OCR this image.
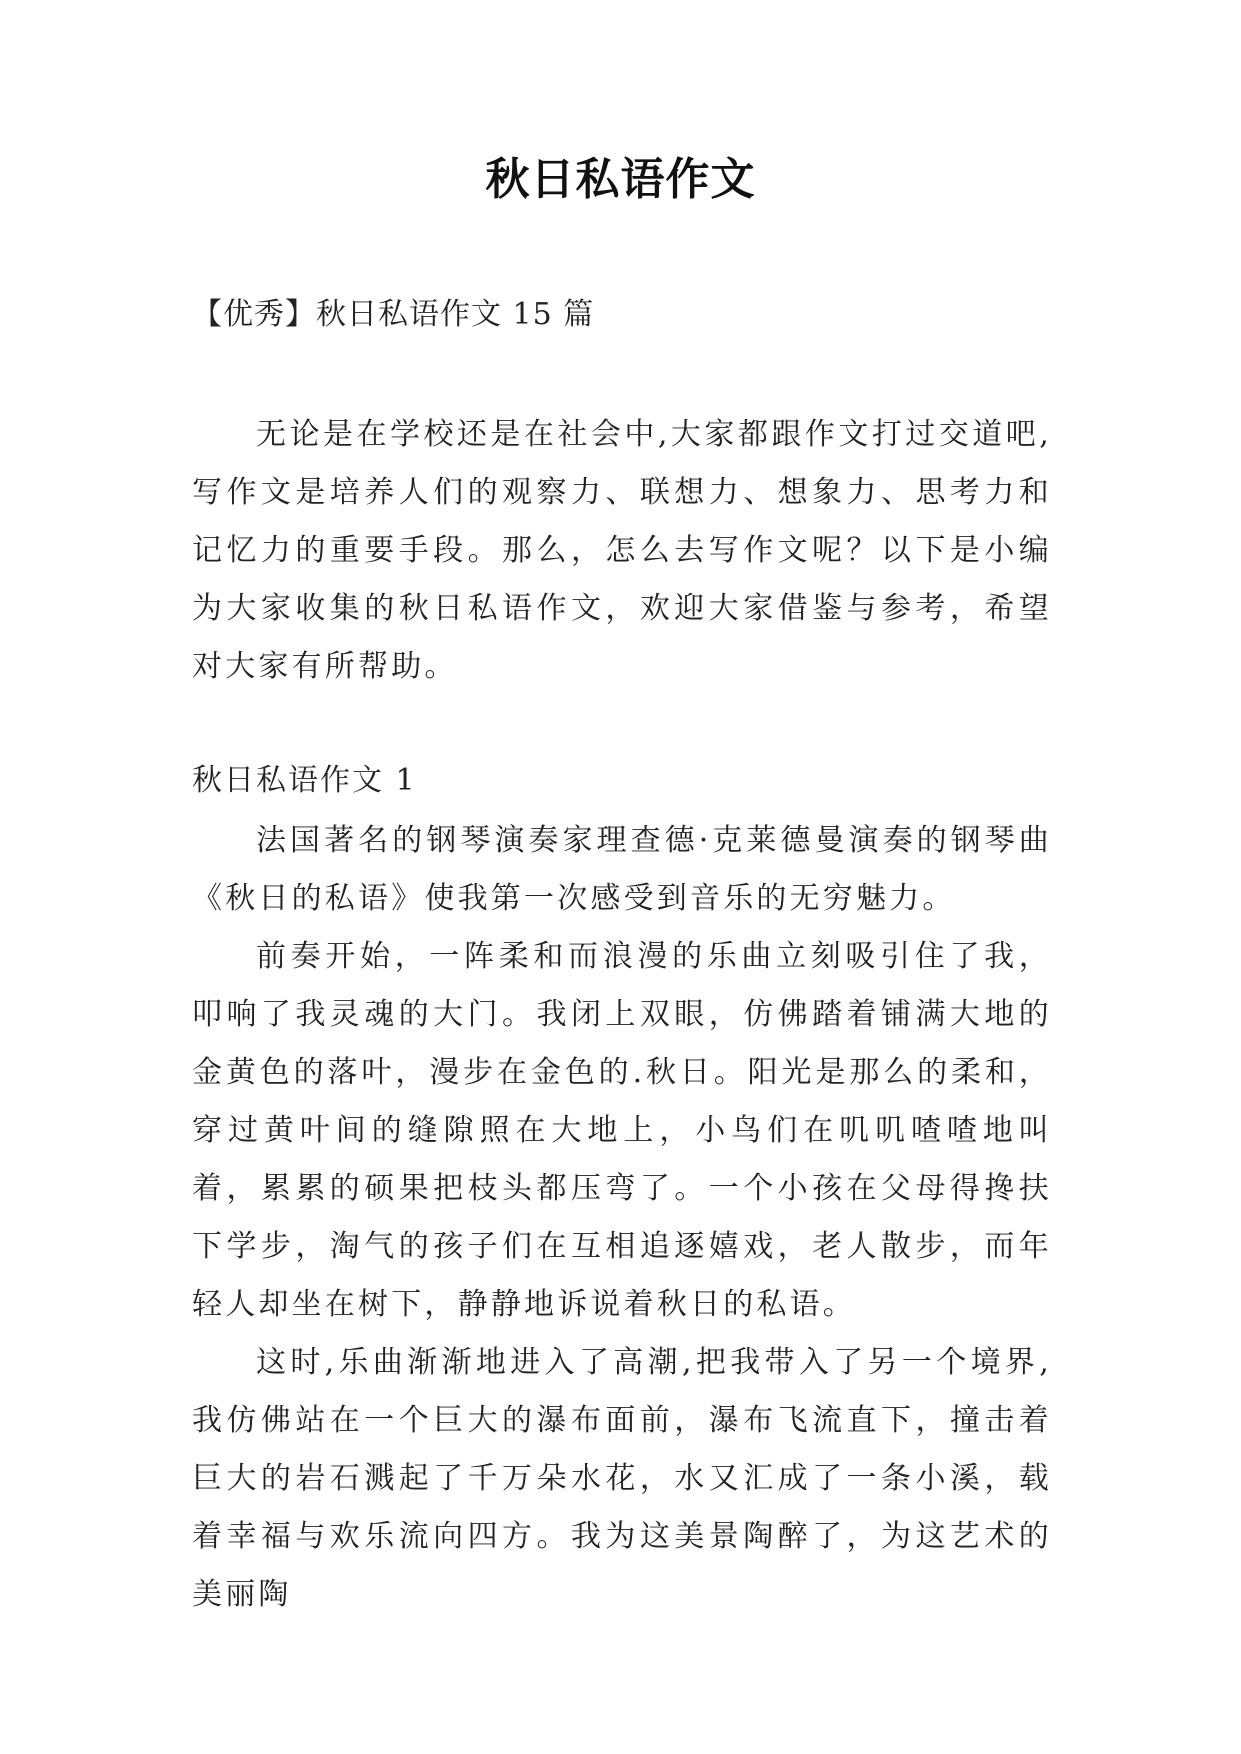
秋日私语作文
【优秀】秋日私语作文 15 篇

无论是在学校还是在社会中,大家都跟作文打过交道吧,写作文是培养人们的观察力、联想力、想象力、思考力和记忆力的重要手段。那么，怎么去写作文呢？以下是小编为大家收集的秋日私语作文，欢迎大家借鉴与参考，希望对大家有所帮助。

秋日私语作文 1

法国著名的钢琴演奏家理查德·克莱德曼演奏的钢琴曲《秋日的私语》使我第一次感受到音乐的无穷魅力。

前奏开始，一阵柔和而浪漫的乐曲立刻吸引住了我，叩响了我灵魂的大门。我闭上双眼，仿佛踏着铺满大地的金黄色的落叶，漫步在金色的.秋日。阳光是那么的柔和，穿过黄叶间的缝隙照在大地上，小鸟们在叽叽喳喳地叫着，累累的硕果把枝头都压弯了。一个小孩在父母得搀扶下学步，淘气的孩子们在互相追逐嬉戏，老人散步，而年轻人却坐在树下，静静地诉说着秋日的私语。

这时,乐曲渐渐地进入了高潮,把我带入了另一个境界,我仿佛站在一个巨大的瀑布面前，瀑布飞流直下，撞击着巨大的岩石溅起了千万朵水花，水又汇成了一条小溪，载着幸福与欢乐流向四方。我为这美景陶醉了，为这艺术的美丽陶
